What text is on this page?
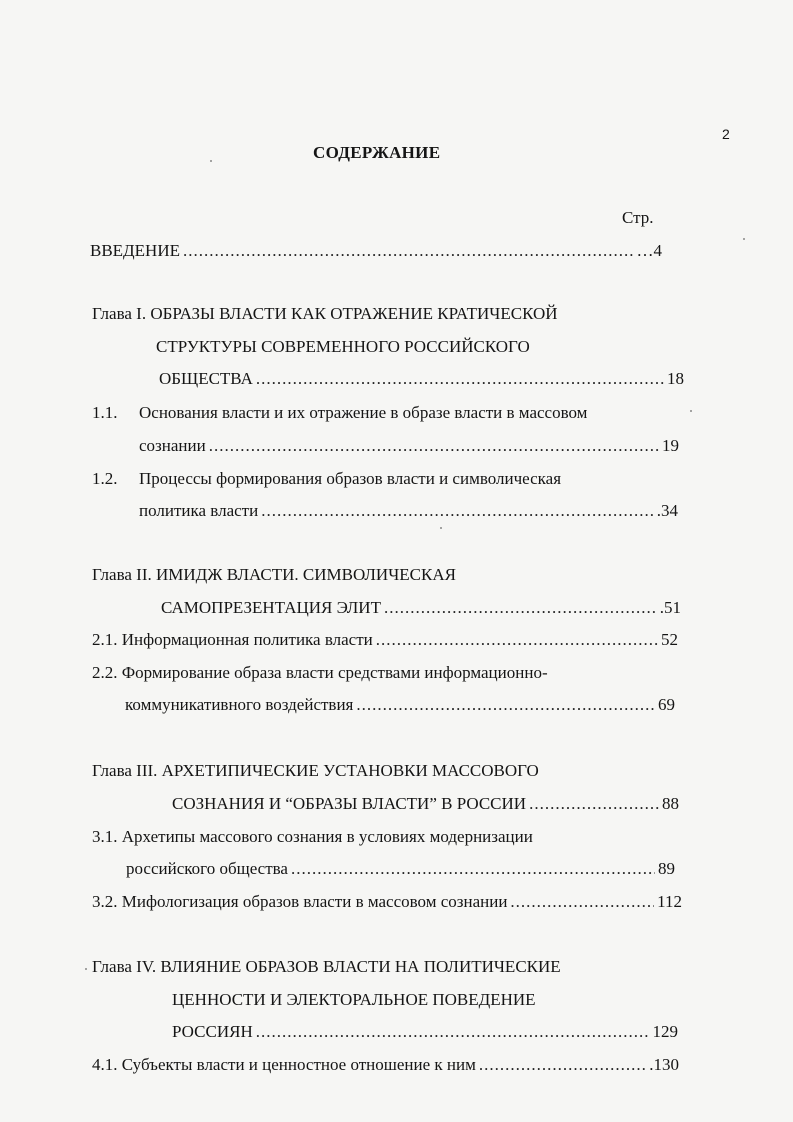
2
СОДЕРЖАНИЕ
Стр.
ВВЕДЕНИЕ .....	…4
Глава I. ОБРАЗЫ ВЛАСТИ КАК ОТРАЖЕНИЕ КРАТИЧЕСКОЙ
СТРУКТУРЫ СОВРЕМЕННОГО РОССИЙСКОГО
ОБЩЕСТВА .....	18
1.1. Основания власти и их отражение в образе власти в массовом
сознании .....	19
1.2. Процессы формирования образов власти и символическая
политика власти .....	.34
Глава II. ИМИДЖ ВЛАСТИ. СИМВОЛИЧЕСКАЯ
САМОПРЕЗЕНТАЦИЯ ЭЛИТ .....	.51
2.1. Информационная политика власти .....	52
2.2. Формирование образа власти средствами информационно-
коммуникативного воздействия .....	69
Глава III. АРХЕТИПИЧЕСКИЕ УСТАНОВКИ МАССОВОГО
СОЗНАНИЯ И “ОБРАЗЫ ВЛАСТИ” В РОССИИ .....	88
3.1. Архетипы массового сознания в условиях модернизации
российского общества .....	89
3.2. Мифологизация образов власти в массовом сознании .....	112
Глава IV. ВЛИЯНИЕ ОБРАЗОВ ВЛАСТИ НА ПОЛИТИЧЕСКИЕ
ЦЕННОСТИ И ЭЛЕКТОРАЛЬНОЕ ПОВЕДЕНИЕ
РОССИЯН .....	129
4.1. Субъекты власти и ценностное отношение к ним .....	.130
